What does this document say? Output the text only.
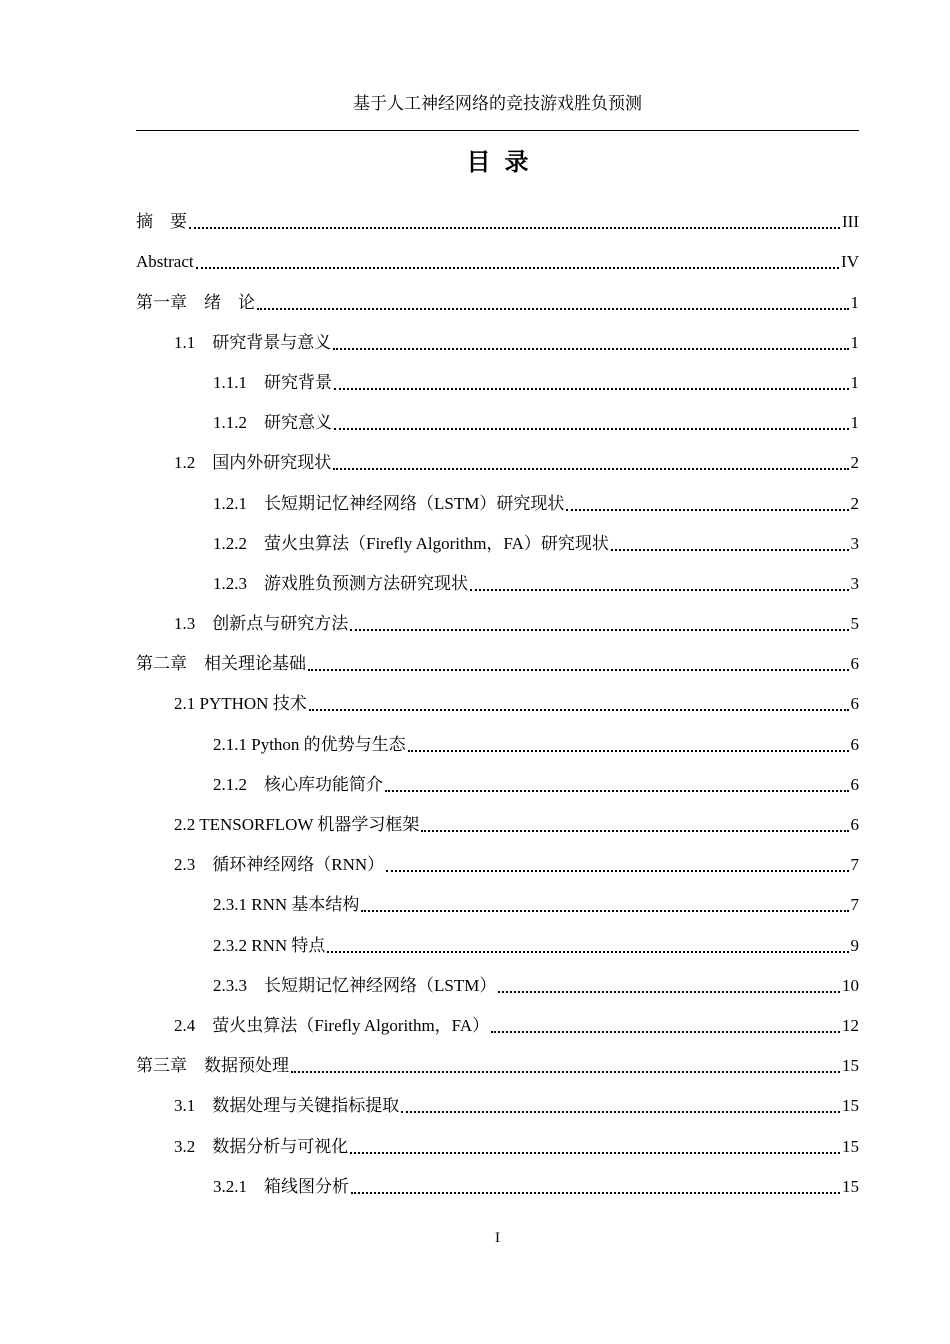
基于人工神经网络的竞技游戏胜负预测
目录
摘　要	III
Abstract	IV
第一章　绪　论	1
1.1　研究背景与意义	1
1.1.1　研究背景	1
1.1.2　研究意义	1
1.2　国内外研究现状	2
1.2.1　长短期记忆神经网络（LSTM）研究现状	2
1.2.2　萤火虫算法（Firefly Algorithm，FA）研究现状	3
1.2.3　游戏胜负预测方法研究现状	3
1.3　创新点与研究方法	5
第二章　相关理论基础	6
2.1 PYTHON 技术	6
2.1.1 Python 的优势与生态	6
2.1.2　核心库功能简介	6
2.2 TENSORFLOW 机器学习框架	6
2.3　循环神经网络（RNN）	7
2.3.1 RNN 基本结构	7
2.3.2 RNN 特点	9
2.3.3　长短期记忆神经网络（LSTM）	10
2.4　萤火虫算法（Firefly Algorithm，FA）	12
第三章　数据预处理	15
3.1　数据处理与关键指标提取	15
3.2　数据分析与可视化	15
3.2.1　箱线图分析	15
I
